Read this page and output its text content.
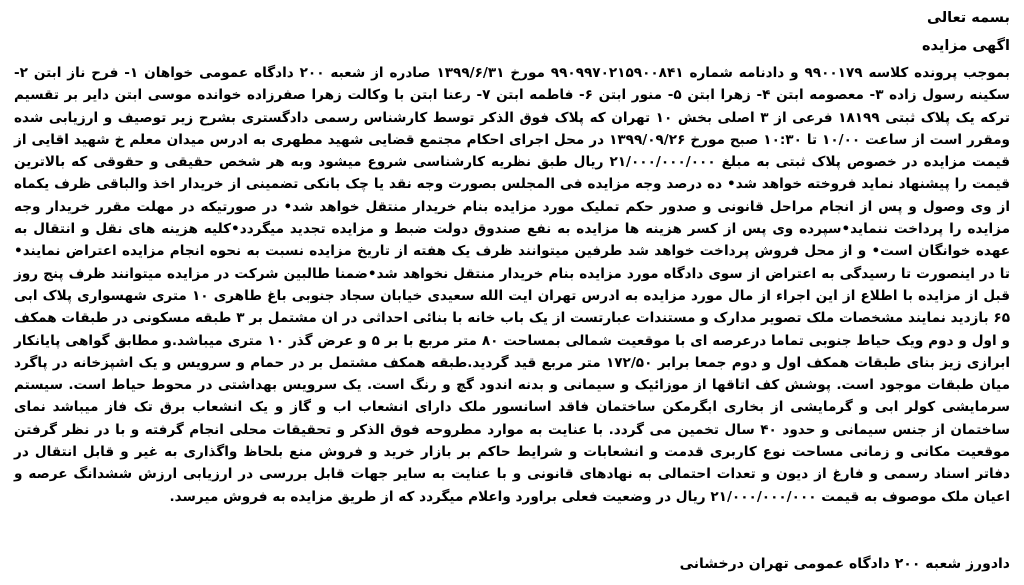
بسمه تعالی

اگهی مزایده

بموجب پرونده کلاسه ۹۹۰۰۱۷۹ و دادنامه شماره ۹۹۰۹۹۷۰۲۱۵۹۰۰۸۴۱ مورخ ۱۳۹۹/۶/۳۱ صادره از شعبه ۲۰۰ دادگاه عمومی خواهان ۱- فرح ناز ابتن ۲- سکینه رسول زاده ۳- معصومه ابتن ۴- زهرا ابتن ۵- منور ابتن ۶- فاطمه ابتن ۷- رعنا ابتن با وکالت زهرا صفرزاده خوانده موسی ابتن دایر بر تقسیم ترکه یک پلاک ثبتی ۱۸۱۹۹ فرعی از ۳ اصلی بخش ۱۰ تهران که پلاک فوق الذکر توسط کارشناس رسمی دادگستری بشرح زیر توصیف و ارزیابی شده ومقرر است از ساعت ۱۰/۰۰ تا ۱۰:۳۰ صبح مورخ ۱۳۹۹/۰۹/۲۶ در محل اجرای احکام مجتمع قضایی شهید مطهری به ادرس میدان معلم خ شهید اقایی از قیمت مزایده در خصوص پلاک ثبتی به مبلغ ۲۱/۰۰۰/۰۰۰/۰۰۰ ریال طبق نظریه کارشناسی شروع میشود وبه هر شخص حقیقی و حقوقی که بالاترین قیمت را پیشنهاد نماید فروخته خواهد شد• ده درصد وجه مزایده فی المجلس بصورت وجه نقد یا چک بانکی تضمینی از خریدار اخذ والباقی ظرف یکماه از وی وصول و پس از انجام مراحل قانونی و صدور حکم تملیک مورد مزایده بنام خریدار منتقل خواهد شد• در صورتیکه در مهلت مقرر خریدار وجه مزایده را پرداخت ننماید•سپرده وی پس از کسر هزینه ها مزایده به نفع صندوق دولت ضبط و مزایده تجدید میگردد•کلیه هزینه های نقل و انتقال به عهده خوانگان است• و از محل فروش پرداخت خواهد شد طرفین میتوانند ظرف یک هفته از تاریخ مزایده نسبت به نحوه انجام مزایده اعتراض نمایند• تا در اینصورت تا رسیدگی به اعتراض از سوی دادگاه مورد مزایده بنام خریدار منتقل نخواهد شد•ضمنا طالبین شرکت در مزایده میتوانند ظرف پنج روز قبل از مزایده با اطلاع از این اجراء از مال مورد مزایده به ادرس تهران ایت الله سعیدی خیابان سجاد جنوبی باغ طاهری ۱۰ متری شهسواری پلاک ابی ۶۵ بازدید نمایند مشخصات ملک تصویر مدارک و مستندات عبارتست از یک باب خانه با بنائی احداثی در ان مشتمل بر ۳ طبقه مسکونی در طبقات همکف و اول و دوم ویک حیاط جنوبی تماما درعرصه ای با موقعیت شمالی بمساحت ۸۰ متر مربع با بر ۵ و عرض گذر ۱۰ متری میباشد.و مطابق گواهی پایانکار ابرازی زیز بنای طبقات همکف اول و دوم جمعا برابر ۱۷۲/۵۰ متر مربع قید گردید.طبقه همکف مشتمل بر در حمام و سرویس و یک اشپزخانه در پاگرد میان طبقات موجود است. پوشش کف اتاقها از موزائیک و سیمانی و بدنه اندود گچ و رنگ است. یک سرویس بهداشتی در محوط حیاط است. سیستم سرمایشی کولر ابی و گرمایشی از بخاری ابگرمکن ساختمان فاقد اسانسور ملک دارای انشعاب اب و گاز و یک انشعاب برق تک فاز میباشد نمای ساختمان از جنس سیمانی و حدود ۴۰ سال تخمین می گردد. با عنایت به موارد مطروحه فوق الذکر و تحقیقات محلی انجام گرفته و با در نظر گرفتن موقعیت مکانی و زمانی مساحت نوع کاربری قدمت و انشعابات و شرایط حاکم بر بازار خرید و فروش منع بلحاظ واگذاری به غیر و قابل انتقال در دفاتر اسناد رسمی و فارغ از دیون و تعدات احتمالی به نهادهای قانونی و با عنایت به سایر جهات قابل بررسی در ارزیابی ارزش ششدانگ عرصه و اعیان ملک موصوف به قیمت ۲۱/۰۰۰/۰۰۰/۰۰۰ ریال در وضعیت فعلی براورد واعلام میگردد که از طریق مزایده به فروش میرسد.

دادورز شعبه ۲۰۰ دادگاه عمومی تهران درخشانی
